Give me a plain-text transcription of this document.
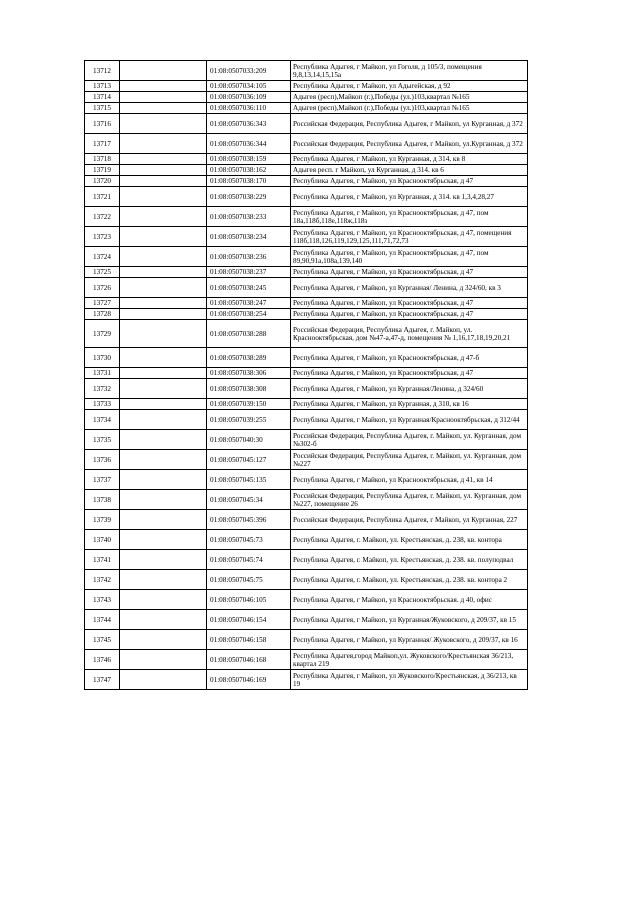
13712		01:08:0507033:209	Республика Адыгея, г Майкоп, ул Гоголя, д 105/3, помещения 9,8,13,14,15,15а
13713		01:08:0507034:105	Республика Адыгея, г Майкоп, ул Адыгейская, д 92
13714		01:08:0507036:109	Адыгея (респ),Майкоп (г.),Победы (ул.)103,квартал №165
13715		01:08:0507036:110	Адыгея (респ),Майкоп (г.),Победы (ул.)103,квартал №165
13716		01:08:0507036:343	Российская Федерация, Республика Адыгея, г Майкоп, ул Курганная, д 372
13717		01:08:0507036:344	Российская Федерация, Республика Адыгея, г Майкоп, ул.Курганная, д 372
13718		01:08:0507038:159	Республика Адыгея, г Майкоп, ул Курганная, д 314, кв 8
13719		01:08:0507038:162	Адыгея респ. г Майкоп, ул Курганная, д 314. кв 6
13720		01:08:0507038:170	Республика Адыгея, г Майкоп, ул Краснооктябрьская, д 47
13721		01:08:0507038:229	Республика Адыгея, г Майкоп, ул Курганная, д 314. кв 1,3,4,28,27
13722		01:08:0507038:233	Республика Адыгея, г Майкоп, ул Краснооктябрьская, д 47, пом 18а,118б,118е,118ж,118з
13723		01:08:0507038:234	Республика Адыгея, г Майкоп, ул Краснооктябрьская, д 47, помещения 118б,118,126,119,129,125,111,71,72,73
13724		01:08:0507038:236	Республика Адыгея, г Майкоп, ул Краснооктябрьская, д 47, пом 89,90,91а,108а,139,140
13725		01:08:0507038:237	Республика Адыгея, г Майкоп, ул Краснооктябрьская, д 47
13726		01:08:0507038:245	Республика Адыгея, г Майкоп, ул Курганная/ Ленина, д 324/60, кв 3
13727		01:08:0507038:247	Республика Адыгея, г Майкоп, ул Краснооктябрьская, д 47
13728		01:08:0507038:254	Республика Адыгея, г Майкоп, ул Краснооктябрьская, д 47
13729		01:08:0507038:288	Российская Федерация, Республика Адыгея, г. Майкоп, ул. Краснооктябрьская, дом №47-а,47-д, помещения № 1,16,17,18,19,20,21
13730		01:08:0507038:289	Республика Адыгея, г Майкоп, ул Краснооктябрьская, д 47-б
13731		01:08:0507038:306	Республика Адыгея, г Майкоп, ул Краснооктябрьская, д 47
13732		01:08:0507038:308	Республика Адыгея, г Майкоп, ул Курганная/Ленина, д 324/60
13733		01:08:0507039:150	Республика Адыгея, г Майкоп, ул Курганная, д 310, кв 16
13734		01:08:0507039:255	Республика Адыгея, г Майкоп, ул Курганная/Краснооктябрьская, д 312/44
13735		01:08:0507040:30	Российская Федерация, Республика Адыгея, г. Майкоп, ул. Курганная, дом №302-б
13736		01:08:0507045:127	Российская Федерация, Республика Адыгея, г. Майкоп, ул. Курганная, дом №227
13737		01:08:0507045:135	Республика Адыгея, г Майкоп, ул Краснооктябрьская, д 41, кв 14
13738		01:08:0507045:34	Российская Федерация, Республика Адыгея, г. Майкоп, ул. Курганная, дом №227, помещение 26
13739		01:08:0507045:396	Российская Федерация, Республика Адыгея, г Майкоп, ул Курганная, 227
13740		01:08:0507045:73	Республика Адыгея, г. Майкоп, ул. Крестьянская, д. 238, кв. контора
13741		01:08:0507045:74	Республика Адыгея, г. Майкоп, ул. Крестьянская, д. 238. кв. полуподвал
13742		01:08:0507045:75	Республика Адыгея, г. Майкоп, ул. Крестьянская, д. 238. кв. контора 2
13743		01:08:0507046:105	Республика Адыгея, г Майкоп, ул Краснооктябрьская. д 40, офис
13744		01:08:0507046:154	Республика Адыгея, г Майкоп, ул Курганная/Жуковского, д 209/37, кв 15
13745		01:08:0507046:158	Республика Адыгея, г Майкоп, ул Курганная/ Жуковского, д 209/37, кв 16
13746		01:08:0507046:168	Республика Адыгея,город Майкоп,ул. Жуковского/Крестьянская 36/213, квартал 219
13747		01:08:0507046:169	Республика Адыгея, г Майкоп, ул Жуковского/Крестьянская, д 36/213, кв 19
